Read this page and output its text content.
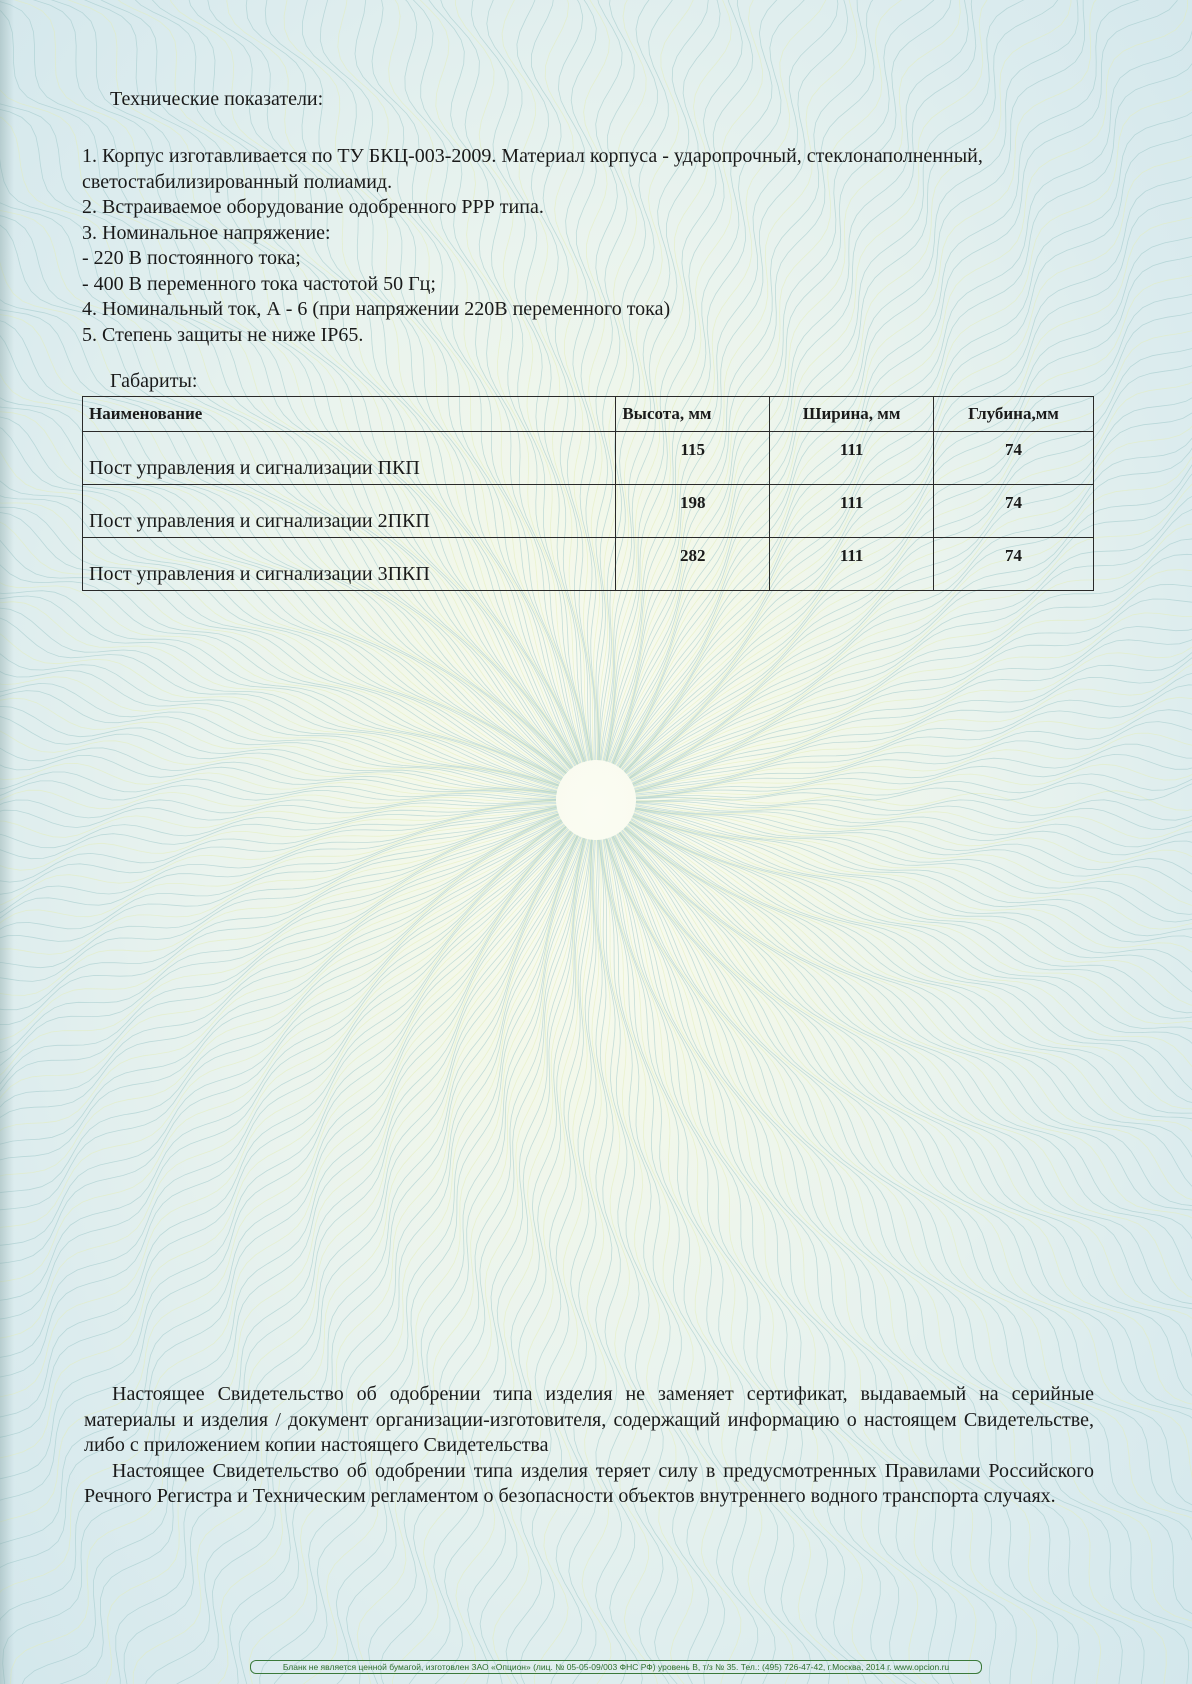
Технические показатели:

1. Корпус изготавливается по ТУ БКЦ-003-2009. Материал корпуса - ударопрочный, стеклонаполненный, светостабилизированный полиамид.

2. Встраиваемое оборудование одобренного РРР типа.

3. Номинальное напряжение:

- 220 В постоянного тока;

- 400 В переменного тока частотой 50 Гц;

4. Номинальный ток, А - 6 (при напряжении 220В переменного тока)

5. Степень защиты не ниже IP65.

Габариты:
Наименование	Высота, мм	Ширина, мм	Глубина,мм
Пост управления и сигнализации ПКП	115	111	74
Пост управления и сигнализации 2ПКП	198	111	74
Пост управления и сигнализации 3ПКП	282	111	74

Настоящее Свидетельство об одобрении типа изделия не заменяет сертификат, выдаваемый на серийные материалы и изделия / документ организации-изготовителя, содержащий информацию о настоящем Свидетельстве, либо с приложением копии настоящего Свидетельства

Настоящее Свидетельство об одобрении типа изделия теряет силу в предусмотренных Правилами Российского Речного Регистра и Техническим регламентом о безопасности объектов внутреннего водного транспорта случаях.

Бланк не является ценной бумагой, изготовлен ЗАО «Опцион» (лиц. № 05-05-09/003 ФНС РФ) уровень В, т/з № 35. Тел.: (495) 726-47-42, г.Москва, 2014 г. www.opcion.ru
